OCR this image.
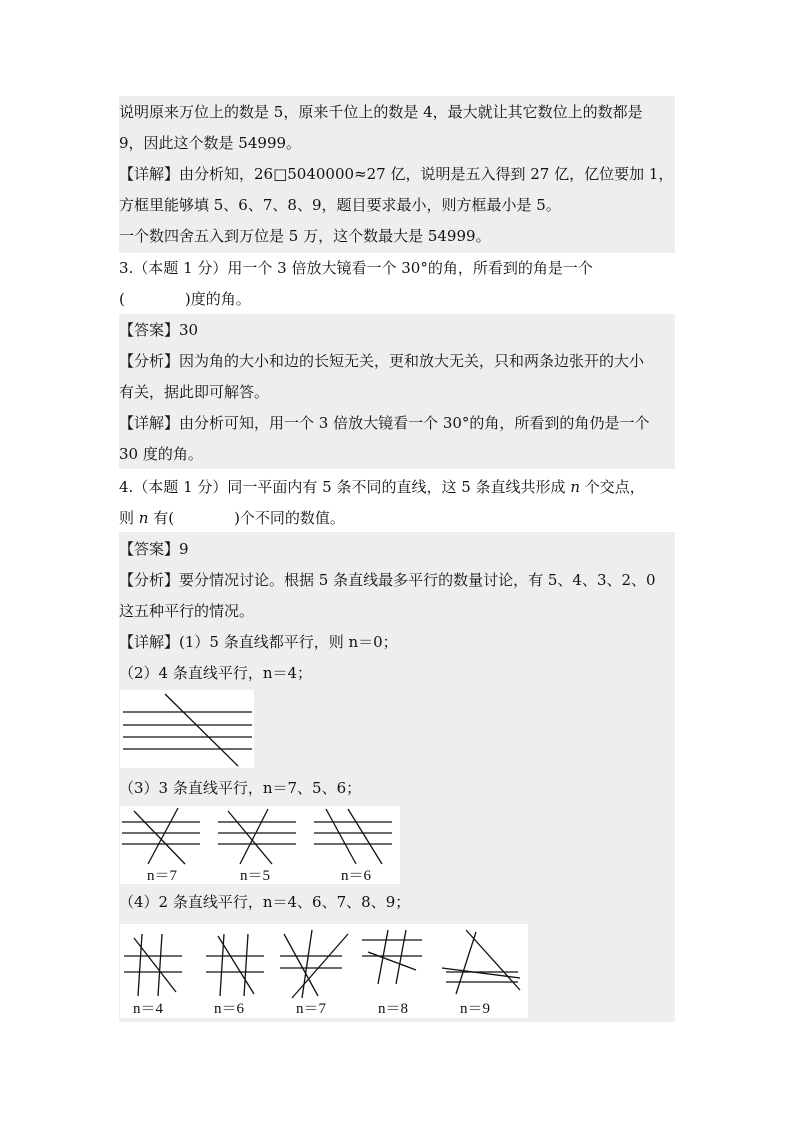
说明原来万位上的数是 5，原来千位上的数是 4，最大就让其它数位上的数都是
9，因此这个数是 54999。
【详解】由分析知，26□5040000≈27 亿，说明是五入得到 27 亿，亿位要加 1，
方框里能够填 5、6、7、8、9，题目要求最小，则方框最小是 5。
一个数四舍五入到万位是 5 万，这个数最大是 54999。
3.（本题 1 分）用一个 3 倍放大镜看一个 30°的角，所看到的角是一个
(	)度的角。
【答案】30
【分析】因为角的大小和边的长短无关，更和放大无关，只和两条边张开的大小
有关，据此即可解答。
【详解】由分析可知，用一个 3 倍放大镜看一个 30°的角，所看到的角仍是一个
30 度的角。
4.（本题 1 分）同一平面内有 5 条不同的直线，这 5 条直线共形成 n 个交点，
则 n 有(	)个不同的数值。
【答案】9
【分析】要分情况讨论。根据 5 条直线最多平行的数量讨论，有 5、4、3、2、0
这五种平行的情况。
【详解】(1）5 条直线都平行，则 n＝0；
（2）4 条直线平行，n＝4；
（3）3 条直线平行，n＝7、5、6；
n＝7	n＝5	n＝6
（4）2 条直线平行，n＝4、6、7、8、9；
n＝4	n＝6	n＝7	n＝8	n＝9
